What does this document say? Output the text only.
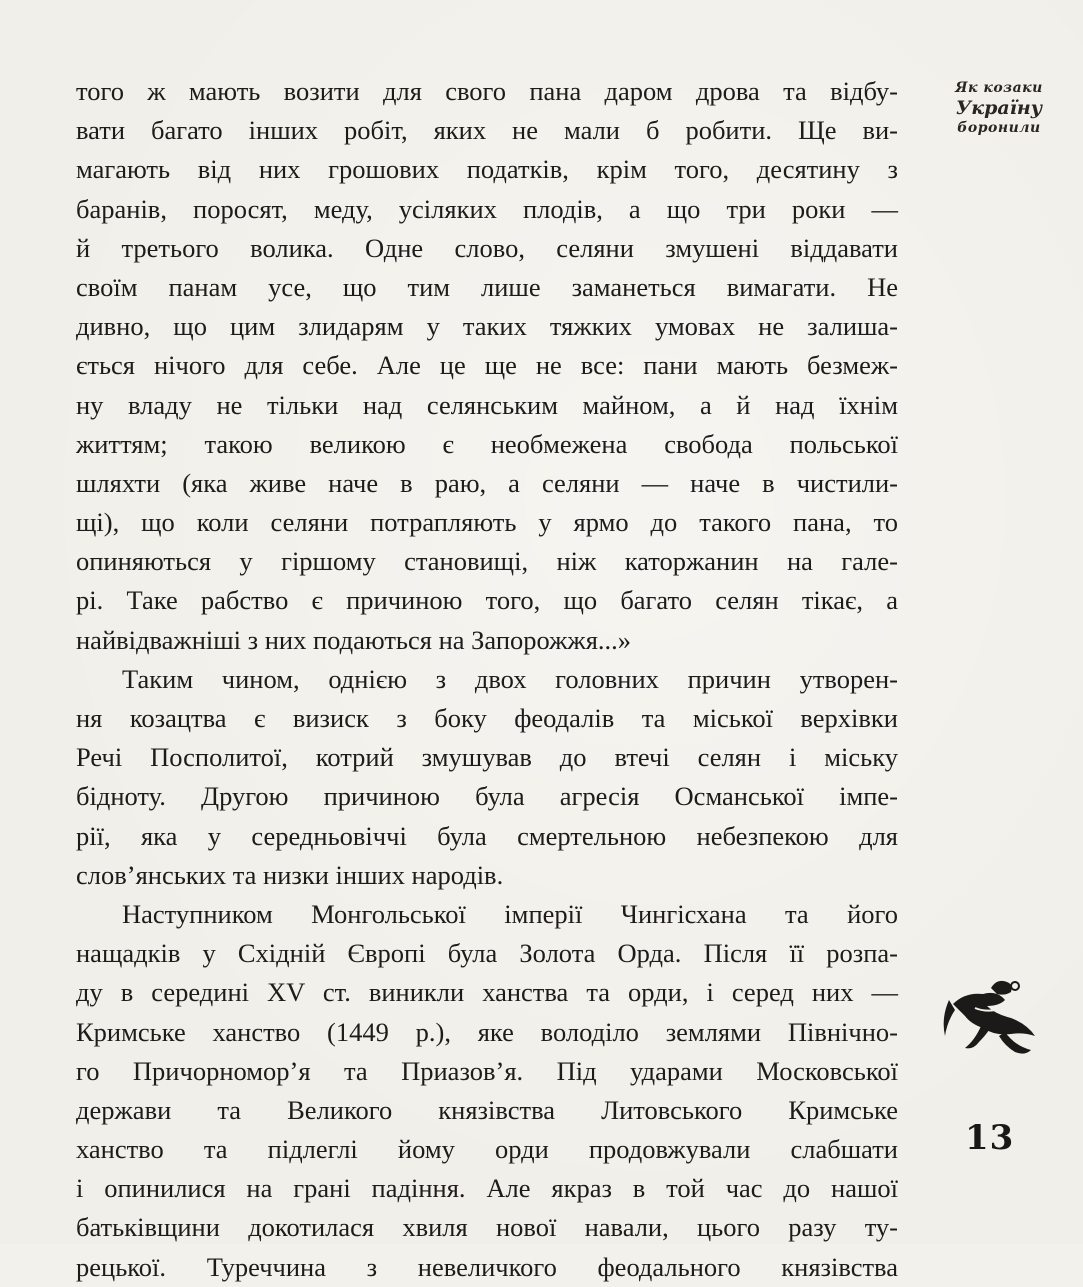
Як козаки
Україну
боронили
того ж мають возити для свого пана даром дрова та відбу-
вати багато інших робіт, яких не мали б робити. Ще ви-
магають від них грошових податків, крім того, десятину з
баранів, поросят, меду, усіляких плодів, а що три роки —
й третього волика. Одне слово, селяни змушені віддавати
своїм панам усе, що тим лише заманеться вимагати. Не
дивно, що цим злидарям у таких тяжких умовах не залиша-
ється нічого для себе. Але це ще не все: пани мають безмеж-
ну владу не тільки над селянським майном, а й над їхнім
життям; такою великою є необмежена свобода польської
шляхти (яка живе наче в раю, а селяни — наче в чистили-
щі), що коли селяни потрапляють у ярмо до такого пана, то
опиняються у гіршому становищі, ніж каторжанин на гале-
рі. Таке рабство є причиною того, що багато селян тікає, а
найвідважніші з них подаються на Запорожжя...»
Таким чином, однією з двох головних причин утворен-
ня козацтва є визиск з боку феодалів та міської верхівки
Речі Посполитої, котрий змушував до втечі селян і міську
бідноту. Другою причиною була агресія Османської імпе-
рії, яка у середньовіччі була смертельною небезпекою для
слов’янських та низки інших народів.
Наступником Монгольської імперії Чингісхана та його
нащадків у Східній Європі була Золота Орда. Після її розпа-
ду в середині XV ст. виникли ханства та орди, і серед них —
Кримське ханство (1449 р.), яке володіло землями Північно-
го Причорномор’я та Приазов’я. Під ударами Московської
держави та Великого князівства Литовського Кримське
ханство та підлеглі йому орди продовжували слабшати
і опинилися на грані падіння. Але якраз в той час до нашої
батьківщини докотилася хвиля нової навали, цього разу ту-
рецької. Туреччина з невеличкого феодального князівства
13
